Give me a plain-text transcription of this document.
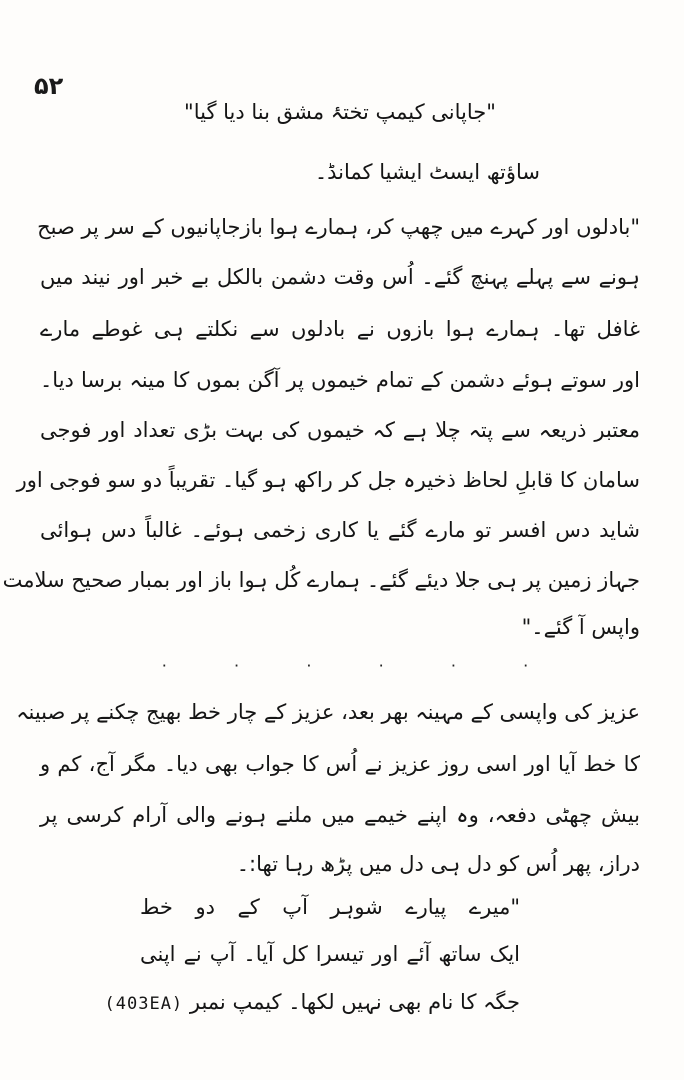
۵۲
"جاپانی کیمپ تختۂ مشق بنا دیا گیا"
ساؤتھ ایسٹ ایشیا کمانڈ۔
"بادلوں اور کہرے میں چھپ کر، ہمارے ہوا بازجاپانیوں کے سر پر صبح
ہونے سے پہلے پہنچ گئے۔ اُس وقت دشمن بالکل بے خبر اور نیند میں
غافل تھا۔ ہمارے ہوا بازوں نے بادلوں سے نکلتے ہی غوطے مارے
اور سوتے ہوئے دشمن کے تمام خیموں پر آگن بموں کا مینہ برسا دیا۔
معتبر ذریعہ سے پتہ چلا ہے کہ خیموں کی بہت بڑی تعداد اور فوجی
سامان کا قابلِ لحاظ ذخیرہ جل کر راکھ ہو گیا۔ تقریباً دو سو فوجی اور
شاید دس افسر تو مارے گئے یا کاری زخمی ہوئے۔ غالباً دس ہوائی
جہاز زمین پر ہی جلا دیئے گئے۔ ہمارے کُل ہوا باز اور بمبار صحیح سلامت
واپس آ گئے۔"
۰
۰
۰
۰
۰
۰
عزیز کی واپسی کے مہینہ بھر بعد، عزیز کے چار خط بھیج چکنے پر صبینہ
کا خط آیا اور اسی روز عزیز نے اُس کا جواب بھی دیا۔ مگر آج، کم و
بیش چھٹی دفعہ، وہ اپنے خیمے میں ملنے ہونے والی آرام کرسی پر
دراز، پھر اُس کو دل ہی دل میں پڑھ رہا تھا:۔
"میرے پیارے شوہر آپ کے دو خط
ایک ساتھ آئے اور تیسرا کل آیا۔ آپ نے اپنی
جگہ کا نام بھی نہیں لکھا۔ کیمپ نمبر (403EA)
